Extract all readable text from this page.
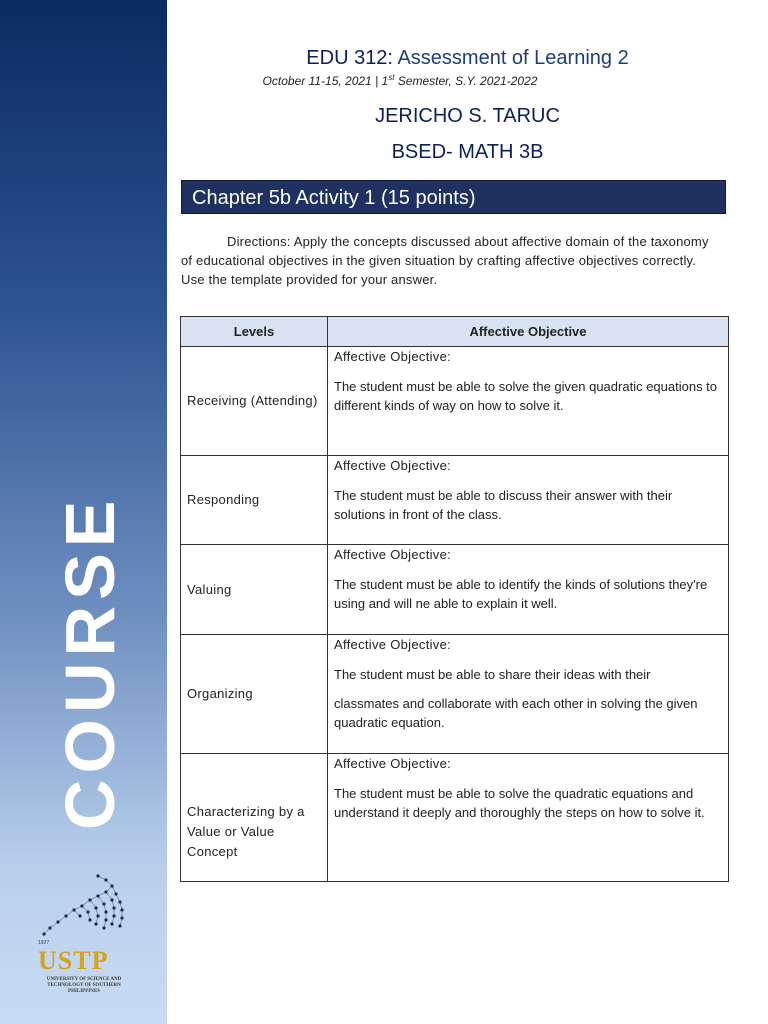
COURSE
1927
USTP
UNIVERSITY OF SCIENCE AND TECHNOLOGY OF SOUTHERN PHILIPPINES
EDU 312: Assessment of Learning 2
October 11-15, 2021 | 1st Semester, S.Y. 2021-2022
JERICHO S. TARUC
BSED- MATH 3B
Chapter 5b Activity 1 (15 points)
Directions: Apply the concepts discussed about affective domain of the taxonomy of educational objectives in the given situation by crafting affective objectives correctly. Use the template provided for your answer.
Levels	Affective Objective
Receiving (Attending)	Affective Objective:
The student must be able to solve the given quadratic equations to different kinds of way on how to solve it.

Responding	Affective Objective:
The student must be able to discuss their answer with their solutions in front of the class.

Valuing	Affective Objective:
The student must be able to identify the kinds of solutions they're using and will ne able to explain it well.

Organizing	Affective Objective:
The student must be able to share their ideas with their
classmates and collaborate with each other in solving the given quadratic equation.

Characterizing by a Value or Value Concept	Affective Objective:
The student must be able to solve the quadratic equations and understand it deeply and thoroughly the steps on how to solve it.
